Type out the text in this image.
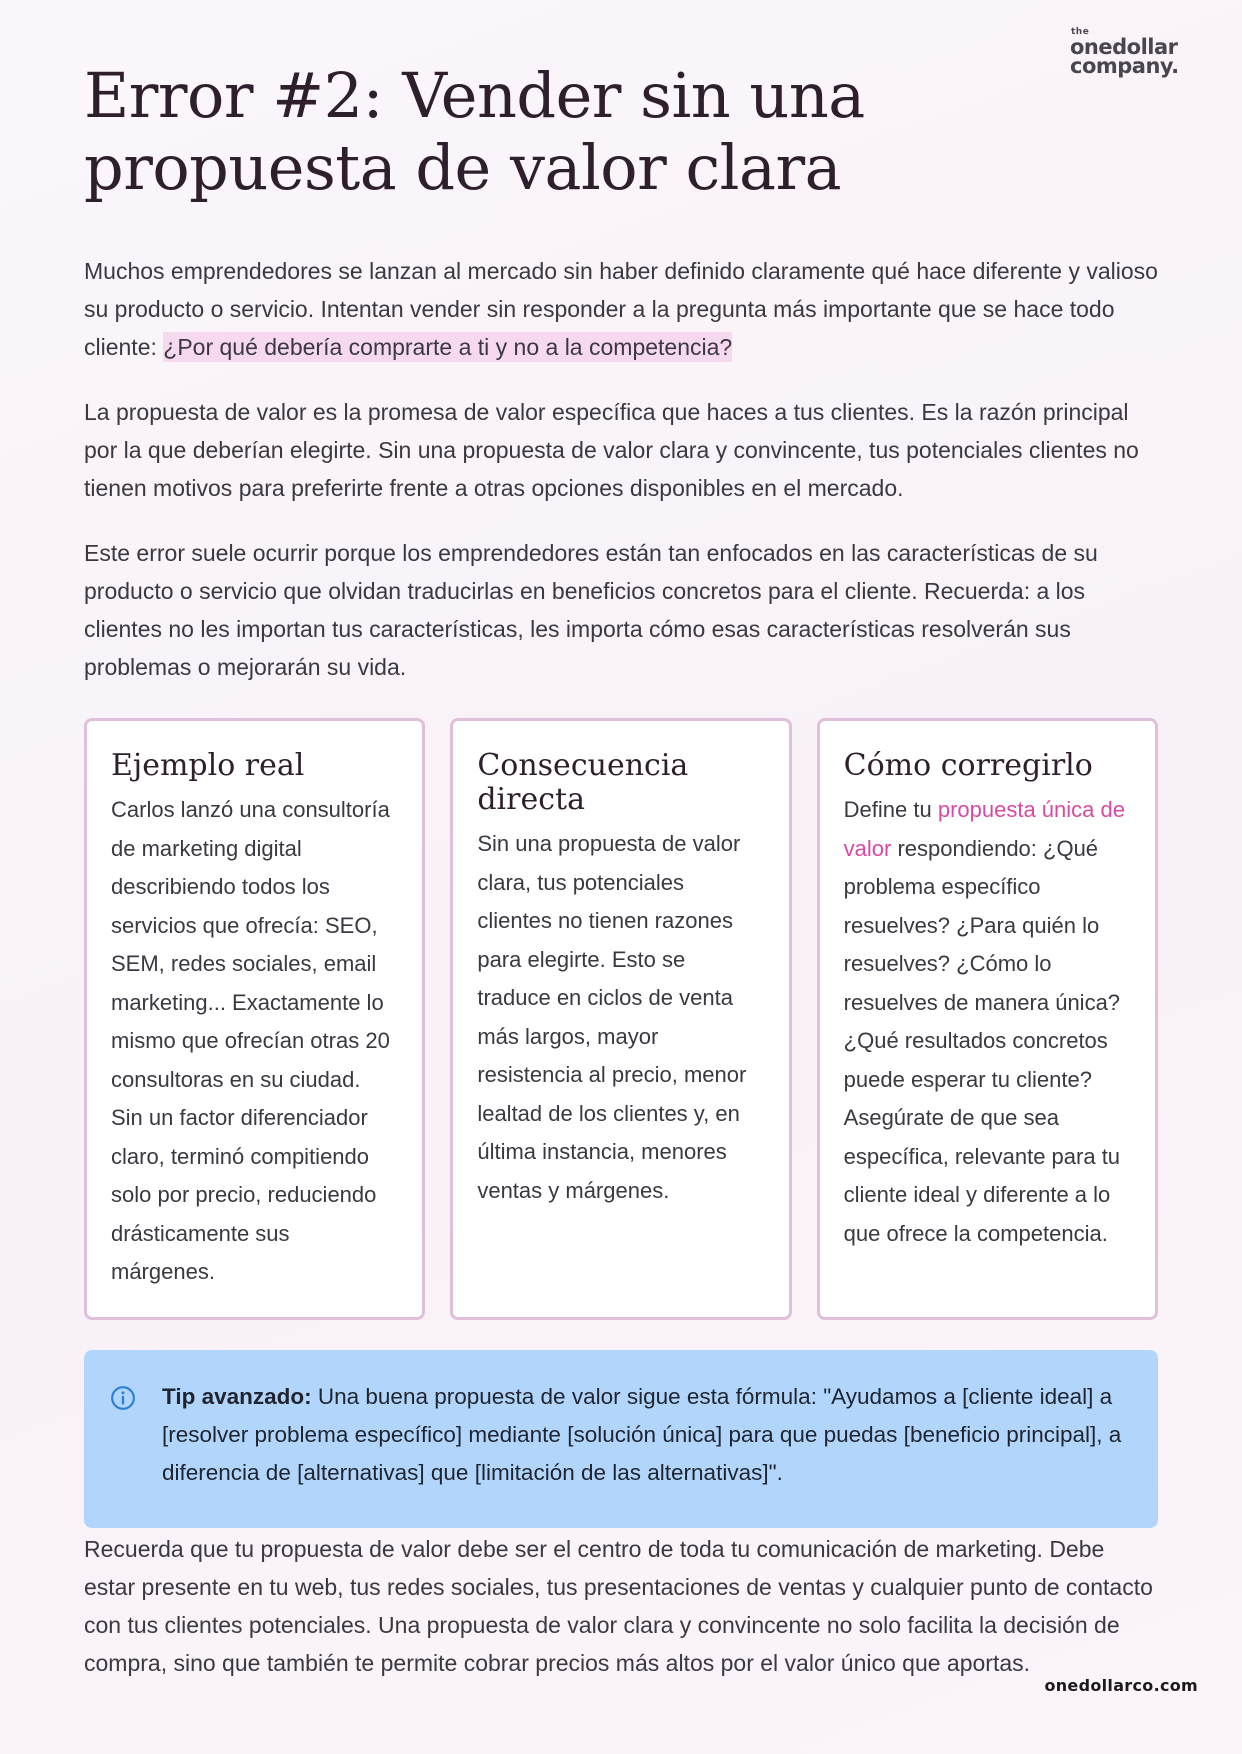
the
onedollar
company.
Error #2: Vender sin una propuesta de valor clara

Muchos emprendedores se lanzan al mercado sin haber definido claramente qué hace diferente y valioso su producto o servicio. Intentan vender sin responder a la pregunta más importante que se hace todo cliente: ¿Por qué debería comprarte a ti y no a la competencia?

La propuesta de valor es la promesa de valor específica que haces a tus clientes. Es la razón principal por la que deberían elegirte. Sin una propuesta de valor clara y convincente, tus potenciales clientes no tienen motivos para preferirte frente a otras opciones disponibles en el mercado.

Este error suele ocurrir porque los emprendedores están tan enfocados en las características de su producto o servicio que olvidan traducirlas en beneficios concretos para el cliente. Recuerda: a los clientes no les importan tus características, les importa cómo esas características resolverán sus problemas o mejorarán su vida.

Ejemplo real

Carlos lanzó una consultoría de marketing digital describiendo todos los servicios que ofrecía: SEO, SEM, redes sociales, email marketing... Exactamente lo mismo que ofrecían otras 20 consultoras en su ciudad. Sin un factor diferenciador claro, terminó compitiendo solo por precio, reduciendo drásticamente sus márgenes.

Consecuencia directa

Sin una propuesta de valor clara, tus potenciales clientes no tienen razones para elegirte. Esto se traduce en ciclos de venta más largos, mayor resistencia al precio, menor lealtad de los clientes y, en última instancia, menores ventas y márgenes.

Cómo corregirlo

Define tu propuesta única de valor respondiendo: ¿Qué problema específico resuelves? ¿Para quién lo resuelves? ¿Cómo lo resuelves de manera única? ¿Qué resultados concretos puede esperar tu cliente? Asegúrate de que sea específica, relevante para tu cliente ideal y diferente a lo que ofrece la competencia.

Tip avanzado: Una buena propuesta de valor sigue esta fórmula: "Ayudamos a [cliente ideal] a [resolver problema específico] mediante [solución única] para que puedas [beneficio principal], a diferencia de [alternativas] que [limitación de las alternativas]".

Recuerda que tu propuesta de valor debe ser el centro de toda tu comunicación de marketing. Debe estar presente en tu web, tus redes sociales, tus presentaciones de ventas y cualquier punto de contacto con tus clientes potenciales. Una propuesta de valor clara y convincente no solo facilita la decisión de compra, sino que también te permite cobrar precios más altos por el valor único que aportas.

onedollarco.com
